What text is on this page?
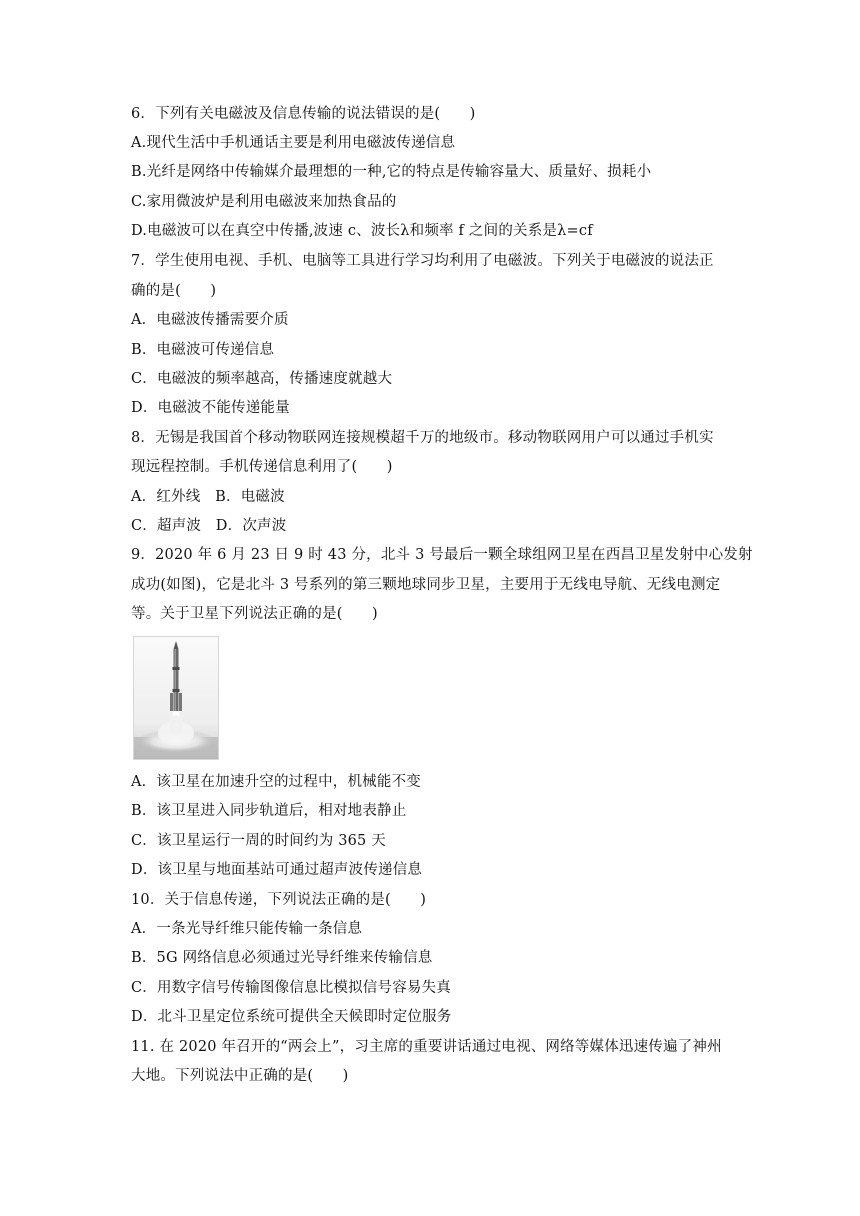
6．下列有关电磁波及信息传输的说法错误的是(　　)
A.现代生活中手机通话主要是利用电磁波传递信息
B.光纤是网络中传输媒介最理想的一种,它的特点是传输容量大、质量好、损耗小
C.家用微波炉是利用电磁波来加热食品的
D.电磁波可以在真空中传播,波速 c、波长λ和频率 f 之间的关系是λ=cf
7．学生使用电视、手机、电脑等工具进行学习均利用了电磁波。下列关于电磁波的说法正
确的是(　　)
A．电磁波传播需要介质
B．电磁波可传递信息
C．电磁波的频率越高，传播速度就越大
D．电磁波不能传递能量
8．无锡是我国首个移动物联网连接规模超千万的地级市。移动物联网用户可以通过手机实
现远程控制。手机传递信息利用了(　　)
A．红外线　B．电磁波
C．超声波　D．次声波
9．2020 年 6 月 23 日 9 时 43 分，北斗 3 号最后一颗全球组网卫星在西昌卫星发射中心发射
成功(如图)，它是北斗 3 号系列的第三颗地球同步卫星，主要用于无线电导航、无线电测定
等。关于卫星下列说法正确的是(　　)
A．该卫星在加速升空的过程中，机械能不变
B．该卫星进入同步轨道后，相对地表静止
C．该卫星运行一周的时间约为 365 天
D．该卫星与地面基站可通过超声波传递信息
10．关于信息传递，下列说法正确的是(　　)
A．一条光导纤维只能传输一条信息
B．5G 网络信息必须通过光导纤维来传输信息
C．用数字信号传输图像信息比模拟信号容易失真
D．北斗卫星定位系统可提供全天候即时定位服务
11. 在 2020 年召开的“两会上”，习主席的重要讲话通过电视、网络等媒体迅速传遍了神州
大地。下列说法中正确的是(　　)
